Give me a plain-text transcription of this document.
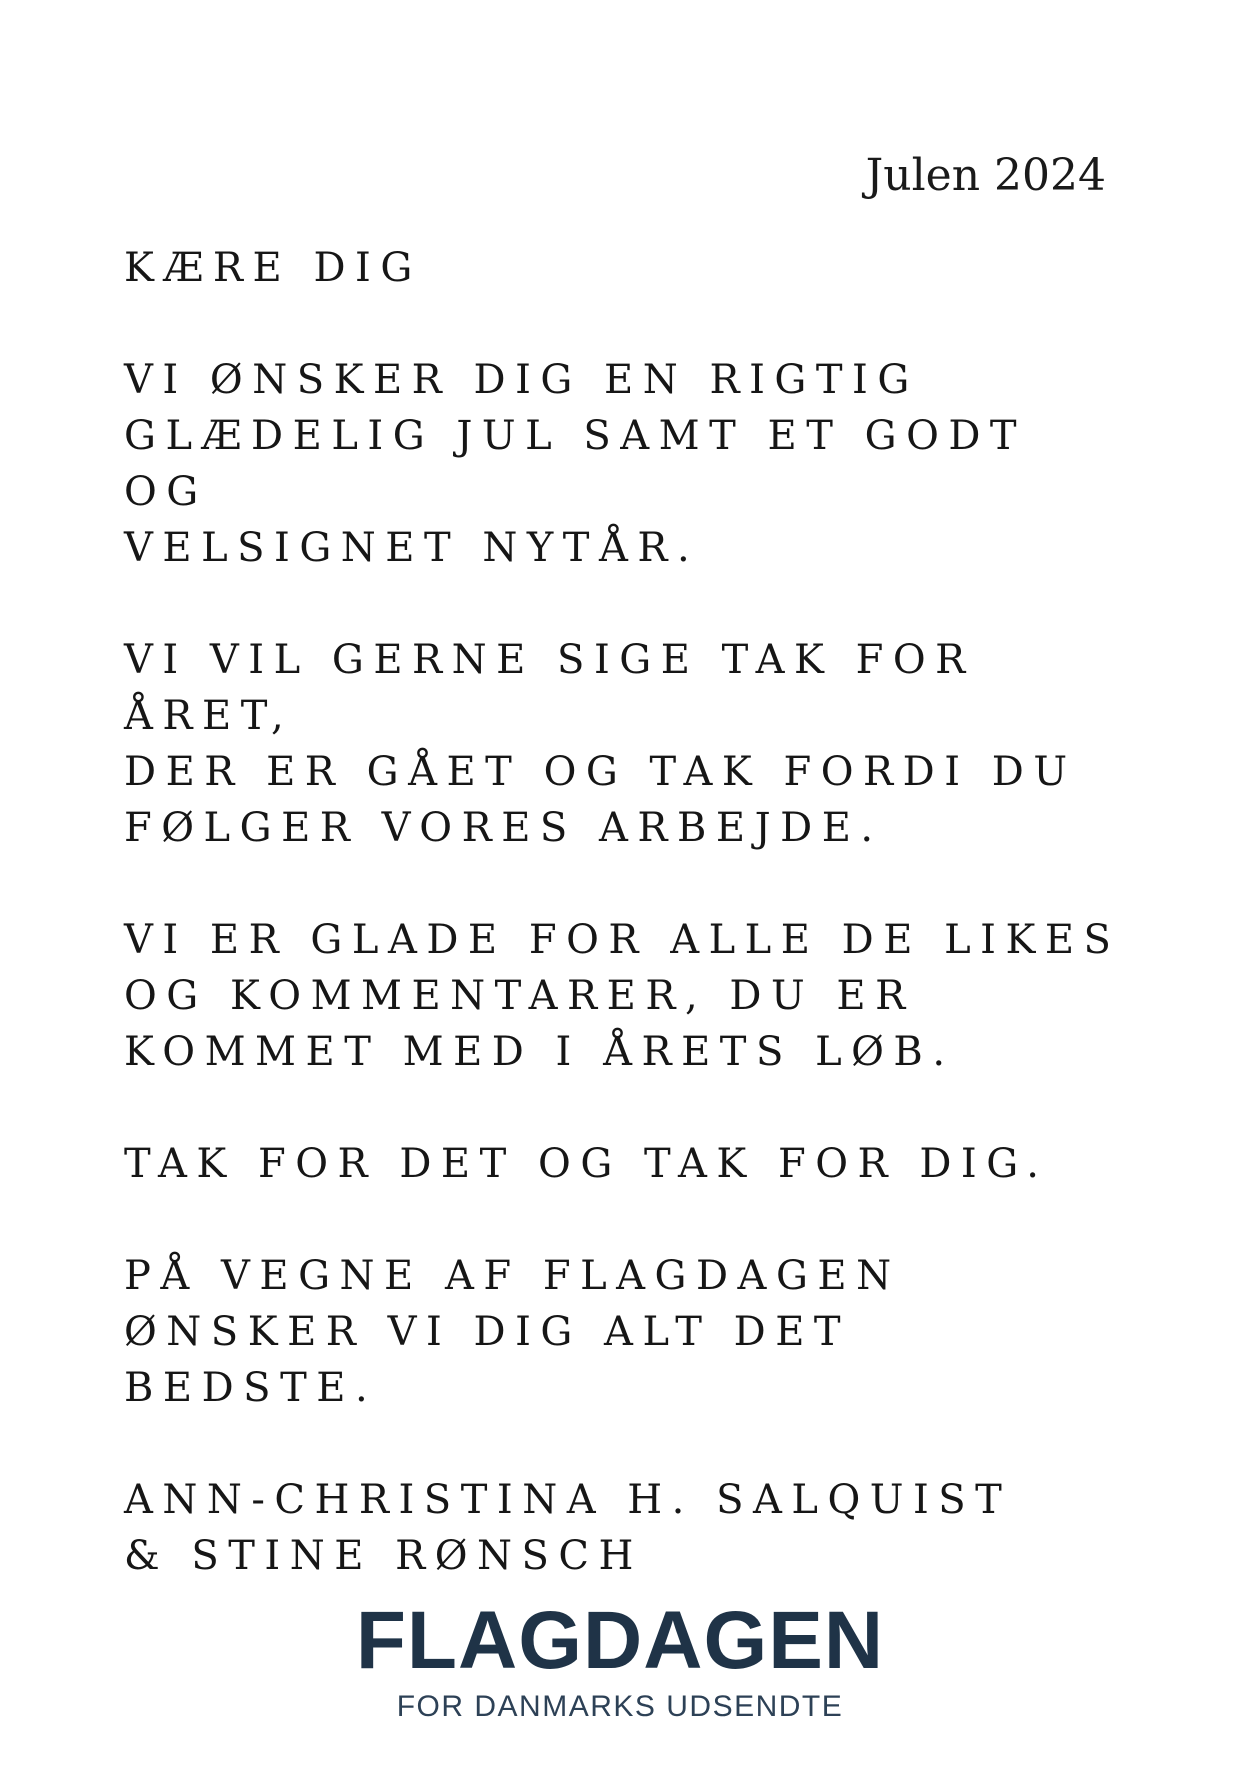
Julen 2024

KÆRE DIG

VI ØNSKER DIG EN RIGTIG
GLÆDELIG JUL SAMT ET GODT OG
VELSIGNET NYTÅR.

VI VIL GERNE SIGE TAK FOR ÅRET,
DER ER GÅET OG TAK FORDI DU
FØLGER VORES ARBEJDE.

VI ER GLADE FOR ALLE DE LIKES
OG KOMMENTARER, DU ER
KOMMET MED I ÅRETS LØB.

TAK FOR DET OG TAK FOR DIG.

PÅ VEGNE AF FLAGDAGEN
ØNSKER VI DIG ALT DET BEDSTE.

ANN-CHRISTINA H. SALQUIST
& STINE RØNSCH

FLAGDAGEN
FOR DANMARKS UDSENDTE
